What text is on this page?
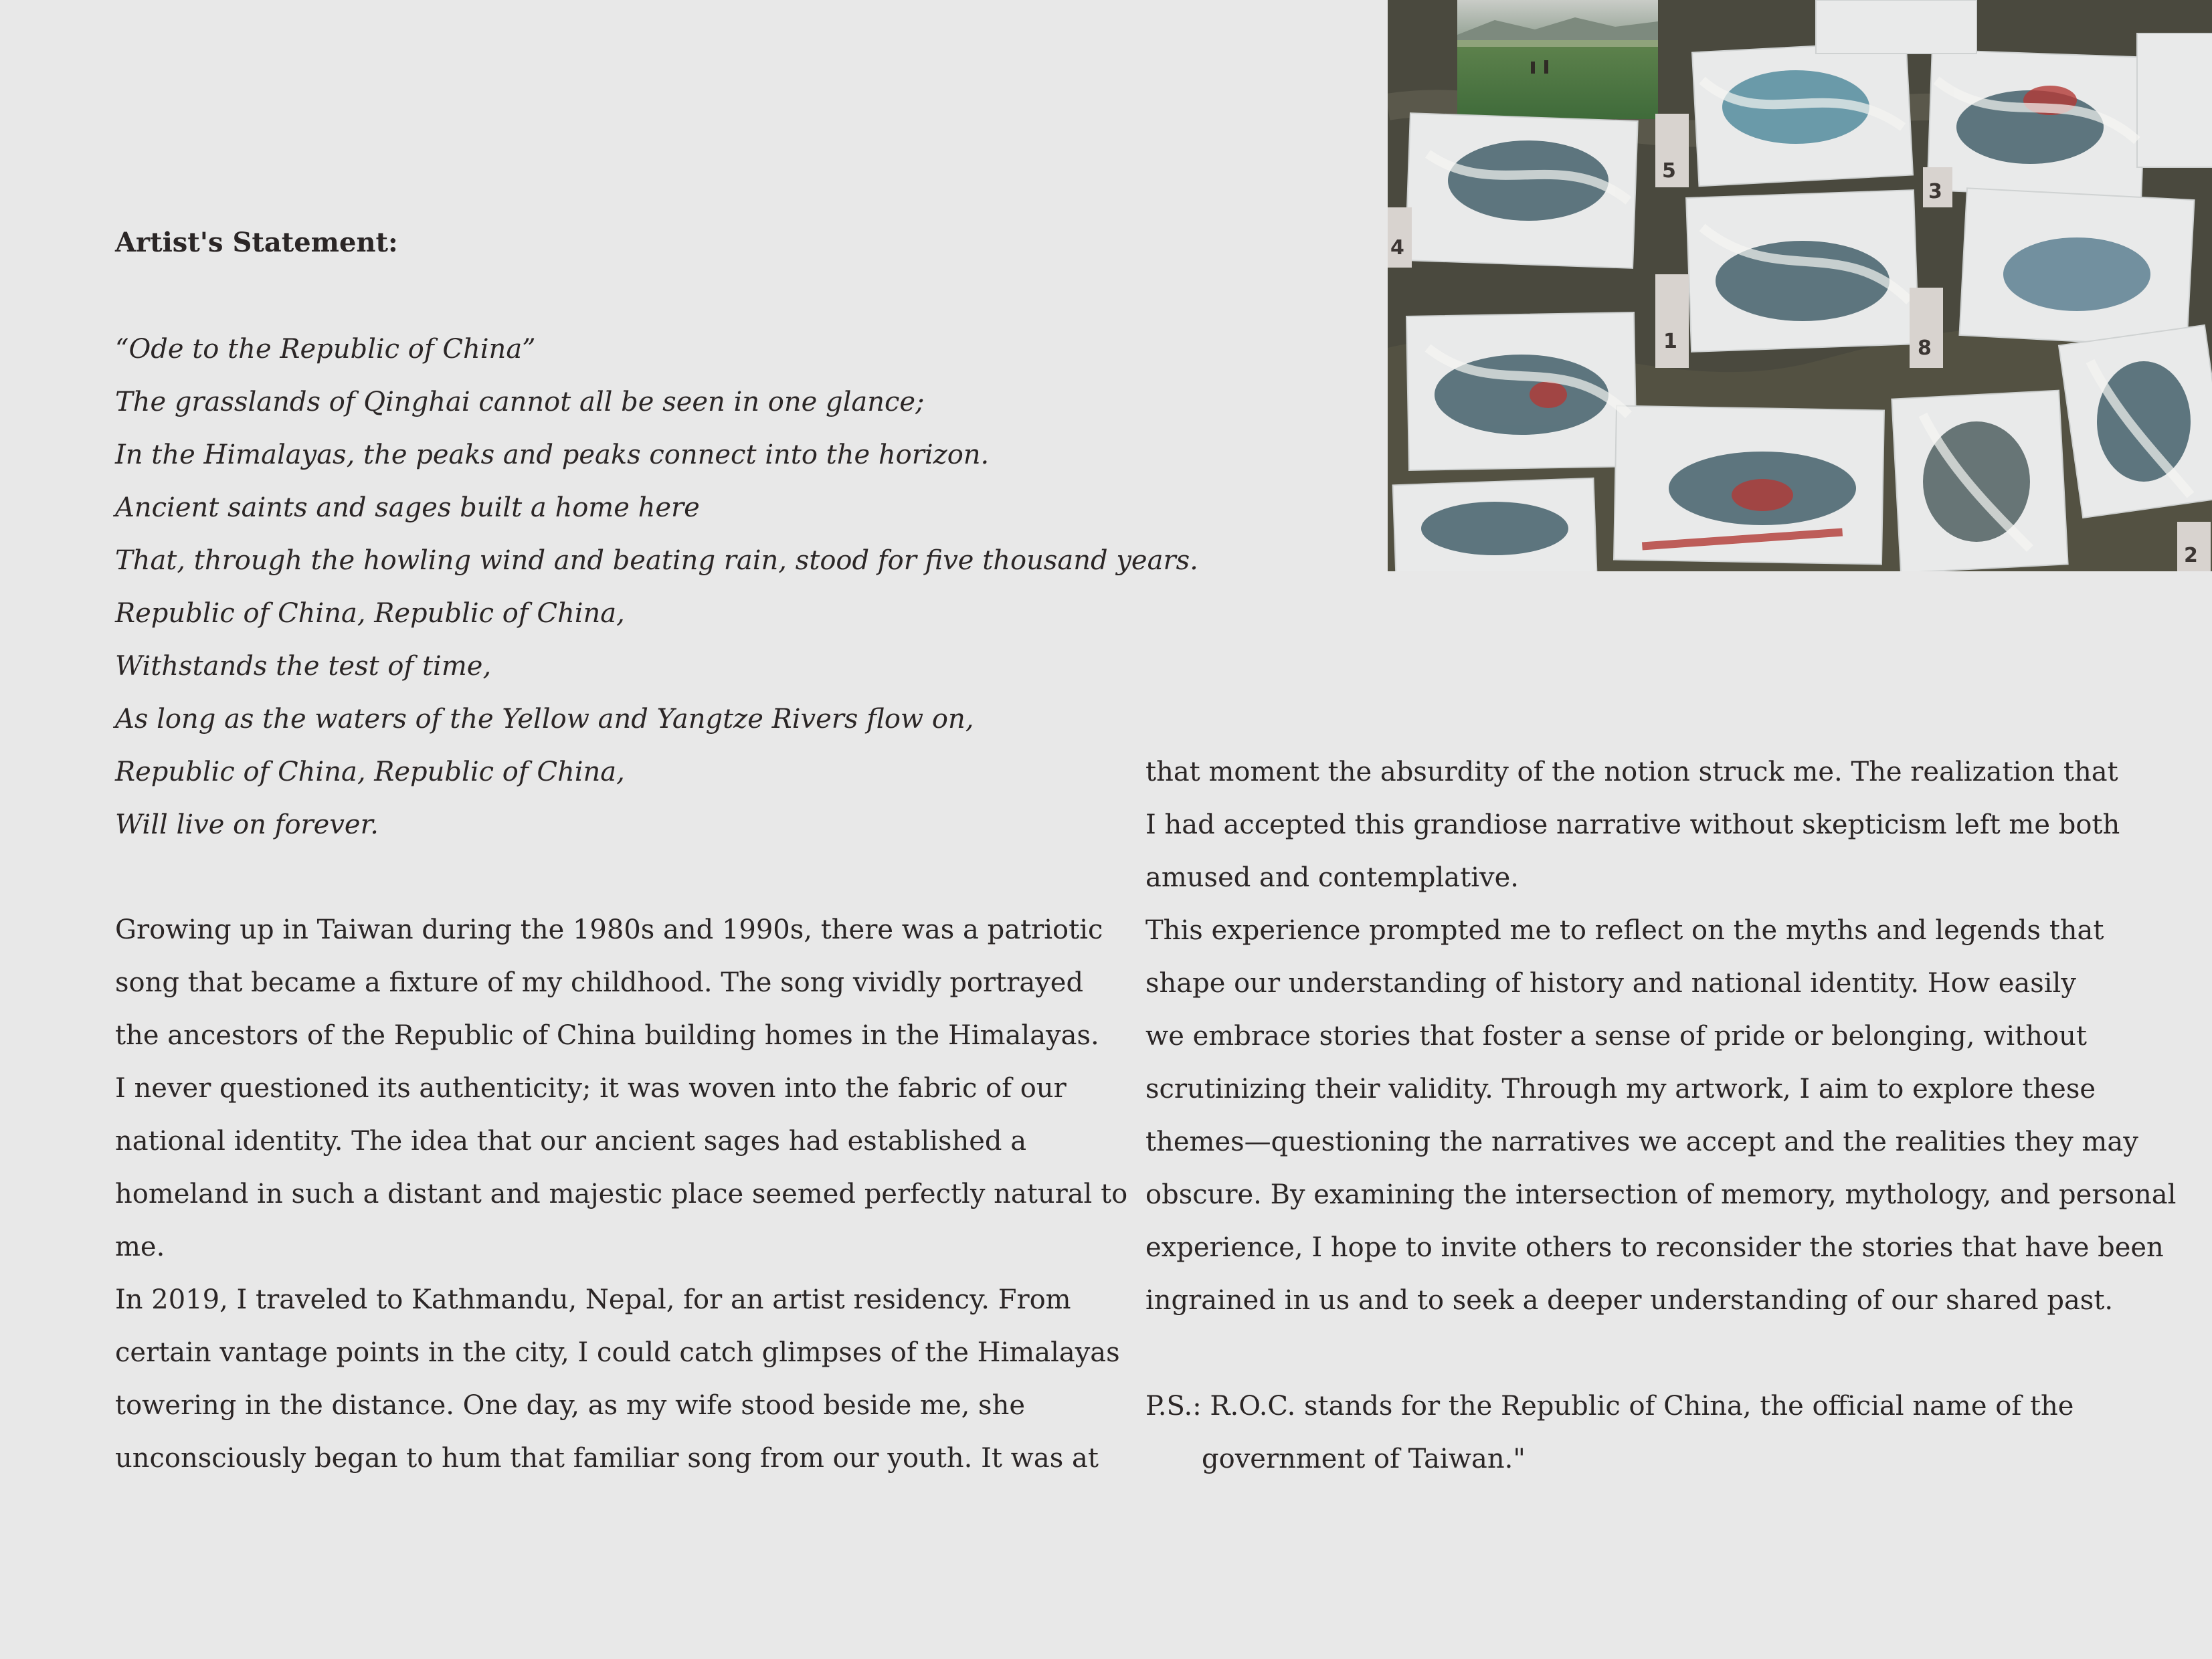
Artist's Statement:
“Ode to the Republic of China”
The grasslands of Qinghai cannot all be seen in one glance;
In the Himalayas, the peaks and peaks connect into the horizon.
Ancient saints and sages built a home here
That, through the howling wind and beating rain, stood for five thousand years.
Republic of China, Republic of China,
Withstands the test of time,
As long as the waters of the Yellow and Yangtze Rivers flow on,
Republic of China, Republic of China,
Will live on forever.
Growing up in Taiwan during the 1980s and 1990s, there was a patriotic
song that became a fixture of my childhood. The song vividly portrayed
the ancestors of the Republic of China building homes in the Himalayas.
I never questioned its authenticity; it was woven into the fabric of our
national identity. The idea that our ancient sages had established a
homeland in such a distant and majestic place seemed perfectly natural to
me.
In 2019, I traveled to Kathmandu, Nepal, for an artist residency. From
certain vantage points in the city, I could catch glimpses of the Himalayas
towering in the distance. One day, as my wife stood beside me, she
unconsciously began to hum that familiar song from our youth. It was at
that moment the absurdity of the notion struck me. The realization that
I had accepted this grandiose narrative without skepticism left me both
amused and contemplative.
This experience prompted me to reflect on the myths and legends that
shape our understanding of history and national identity. How easily
we embrace stories that foster a sense of pride or belonging, without
scrutinizing their validity. Through my artwork, I aim to explore these
themes—questioning the narratives we accept and the realities they may
obscure. By examining the intersection of memory, mythology, and personal
experience, I hope to invite others to reconsider the stories that have been
ingrained in us and to seek a deeper understanding of our shared past.
P.S.: R.O.C. stands for the Republic of China, the official name of the
government of Taiwan."
5
3
1	8
4
2
